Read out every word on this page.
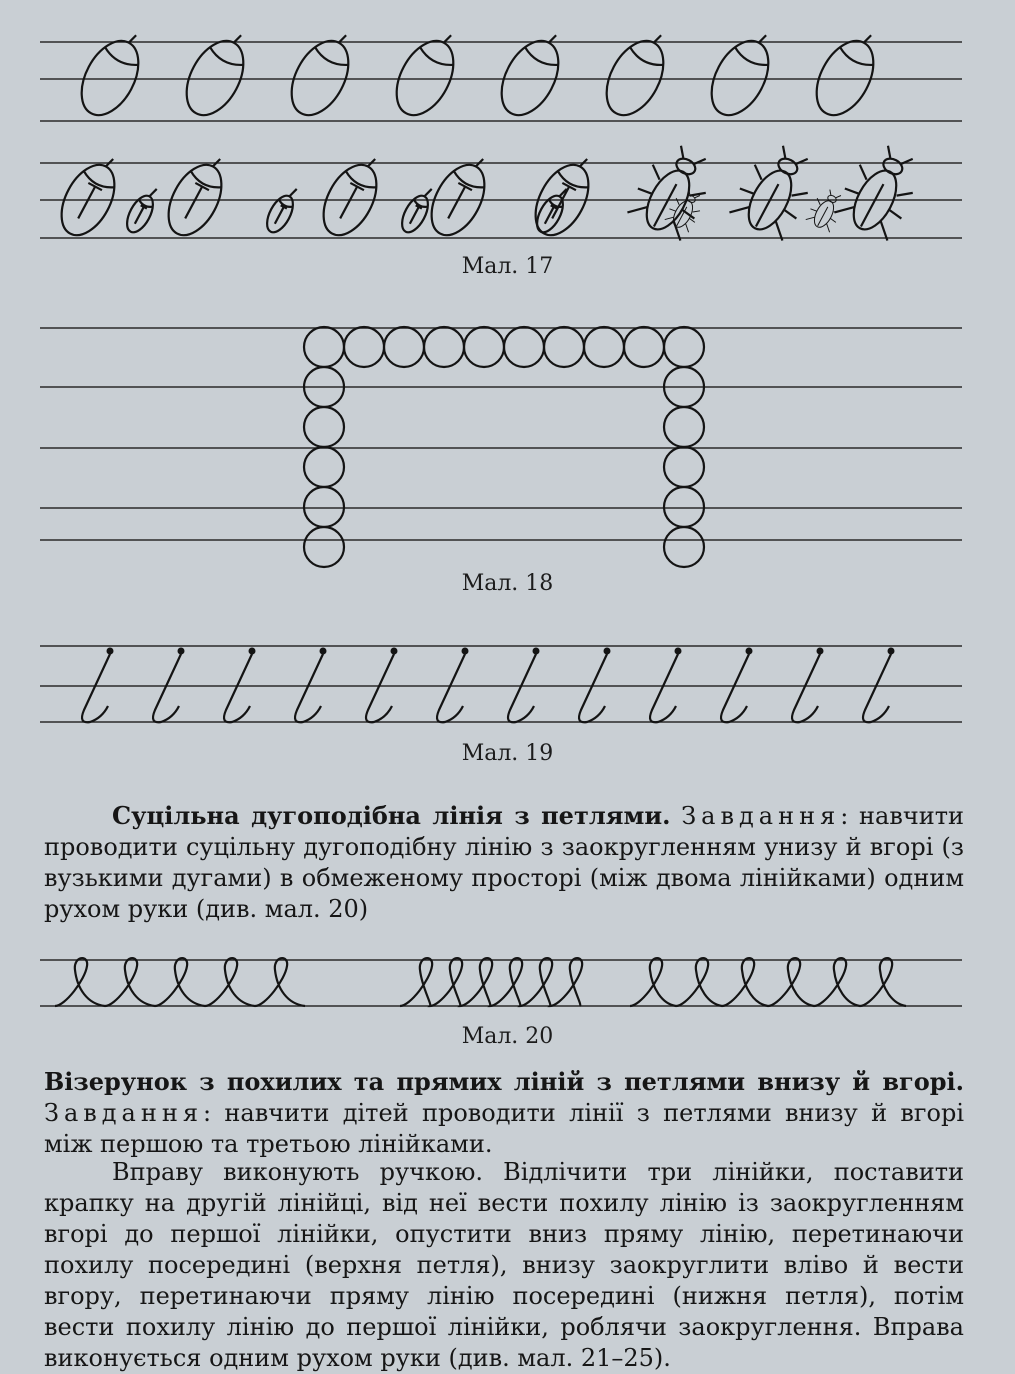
Мал. 17
Мал. 18
Мал. 19

Суцільна дугоподібна лінія з петлями. Завдання: навчити проводити суцільну дугоподібну лінію з заокругленням унизу й вгорі (з вузькими дугами) в обмеженому просторі (між двома лінійками) одним рухом руки (див. мал. 20)

Мал. 20

Візерунок з похилих та прямих ліній з петлями внизу й вгорі. Завдання: навчити дітей проводити лінії з петлями внизу й вгорі між першою та третьою лінійками.

Вправу виконують ручкою. Відлічити три лінійки, поставити крапку на другій лінійці, від неї вести похилу лінію із заокругленням вгорі до першої лінійки, опустити вниз пряму лінію, перетинаючи похилу посередині (верхня петля), внизу заокруглити вліво й вести вгору, перетинаючи пряму лінію посередині (нижня петля), потім вести похилу лінію до першої лінійки, роблячи заокруглення. Вправа виконується одним рухом руки (див. мал. 21–25).
